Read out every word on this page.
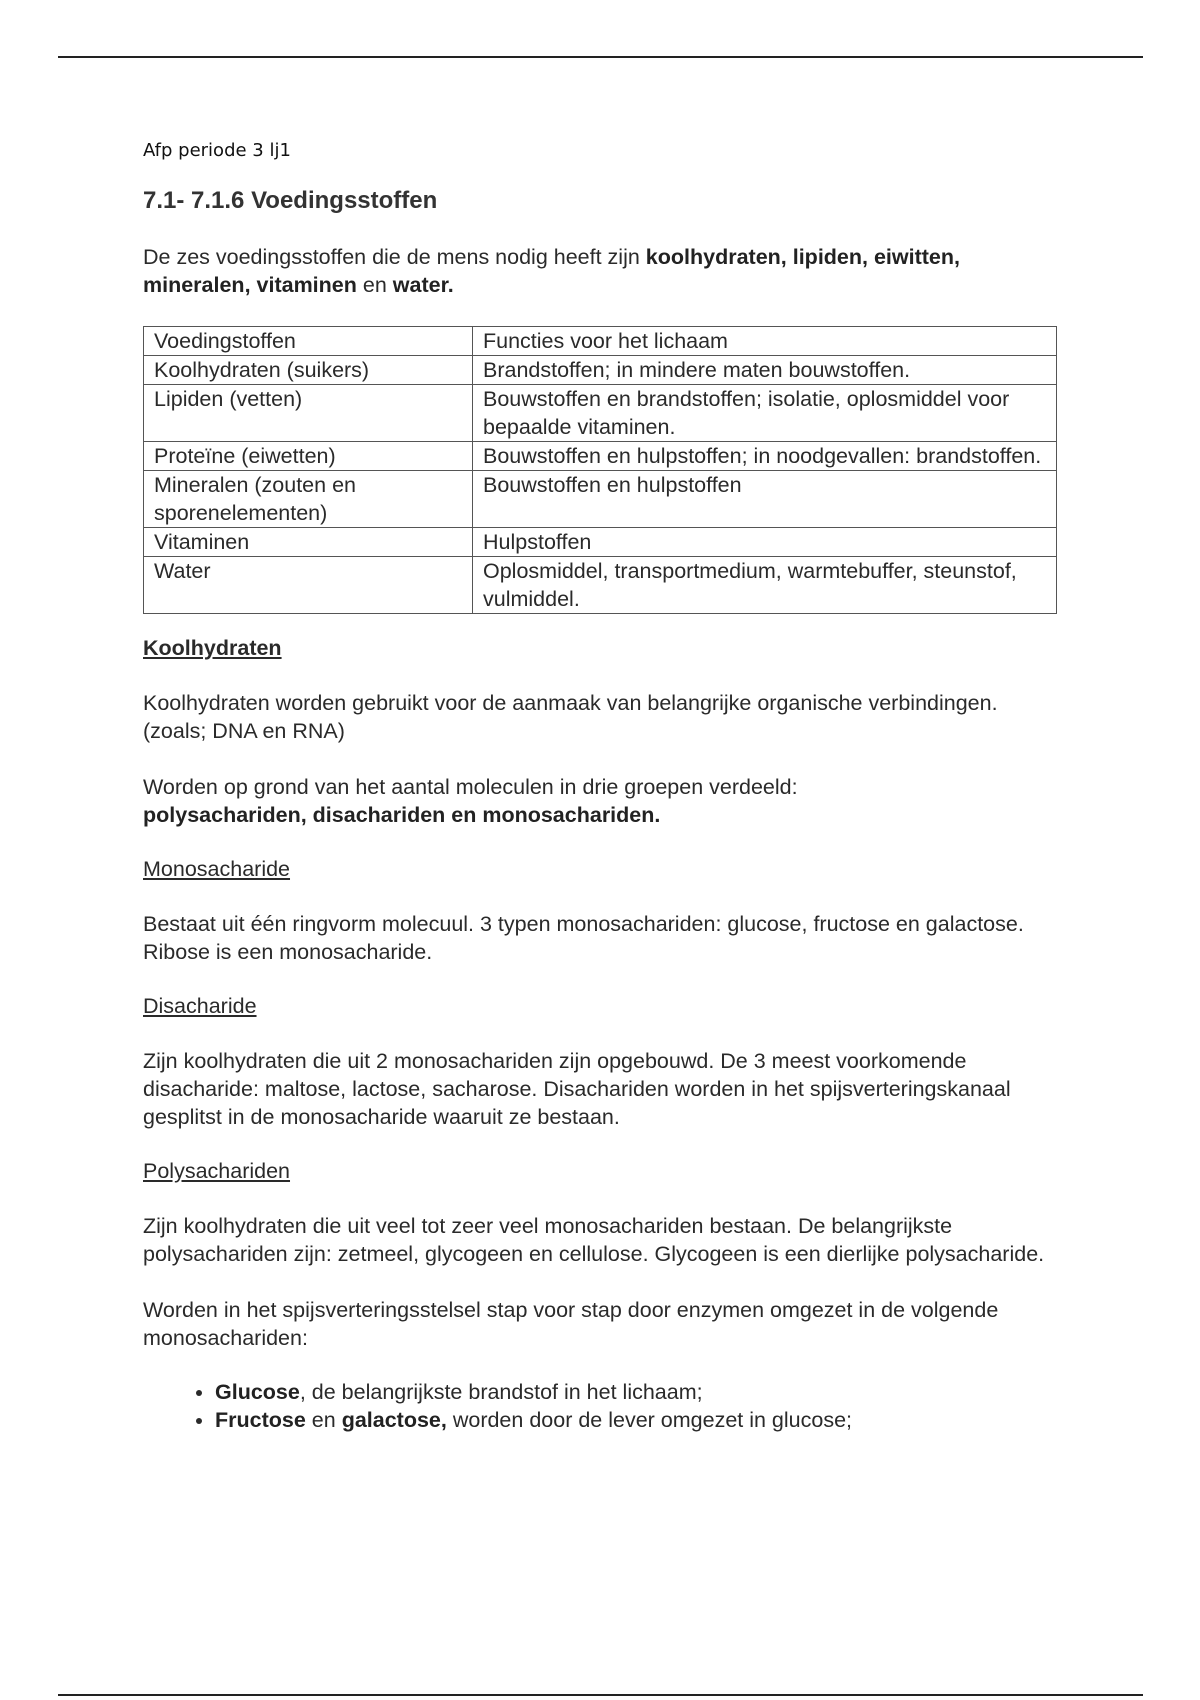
Afp periode 3 lj1
7.1- 7.1.6 Voedingsstoffen

De zes voedingsstoffen die de mens nodig heeft zijn koolhydraten, lipiden, eiwitten, mineralen, vitaminen en water.

Voedingstoffen	Functies voor het lichaam
Koolhydraten (suikers)	Brandstoffen; in mindere maten bouwstoffen.
Lipiden (vetten)	Bouwstoffen en brandstoffen; isolatie, oplosmiddel voor bepaalde vitaminen.
Proteïne (eiwetten)	Bouwstoffen en hulpstoffen; in noodgevallen: brandstoffen.
Mineralen (zouten en sporenelementen)	Bouwstoffen en hulpstoffen
Vitaminen	Hulpstoffen
Water	Oplosmiddel, transportmedium, warmtebuffer, steunstof, vulmiddel.
Koolhydraten

Koolhydraten worden gebruikt voor de aanmaak van belangrijke organische verbindingen. (zoals; DNA en RNA)

Worden op grond van het aantal moleculen in drie groepen verdeeld:
polysachariden, disachariden en monosachariden.

Monosacharide

Bestaat uit één ringvorm molecuul. 3 typen monosachariden: glucose, fructose en galactose. Ribose is een monosacharide.

Disacharide

Zijn koolhydraten die uit 2 monosachariden zijn opgebouwd. De 3 meest voorkomende disacharide: maltose, lactose, sacharose. Disachariden worden in het spijsverteringskanaal gesplitst in de monosacharide waaruit ze bestaan.

Polysachariden

Zijn koolhydraten die uit veel tot zeer veel monosachariden bestaan. De belangrijkste polysachariden zijn: zetmeel, glycogeen en cellulose. Glycogeen is een dierlijke polysacharide.

Worden in het spijsverteringsstelsel stap voor stap door enzymen omgezet in de volgende monosachariden:

• Glucose, de belangrijkste brandstof in het lichaam;
• Fructose en galactose, worden door de lever omgezet in glucose;
